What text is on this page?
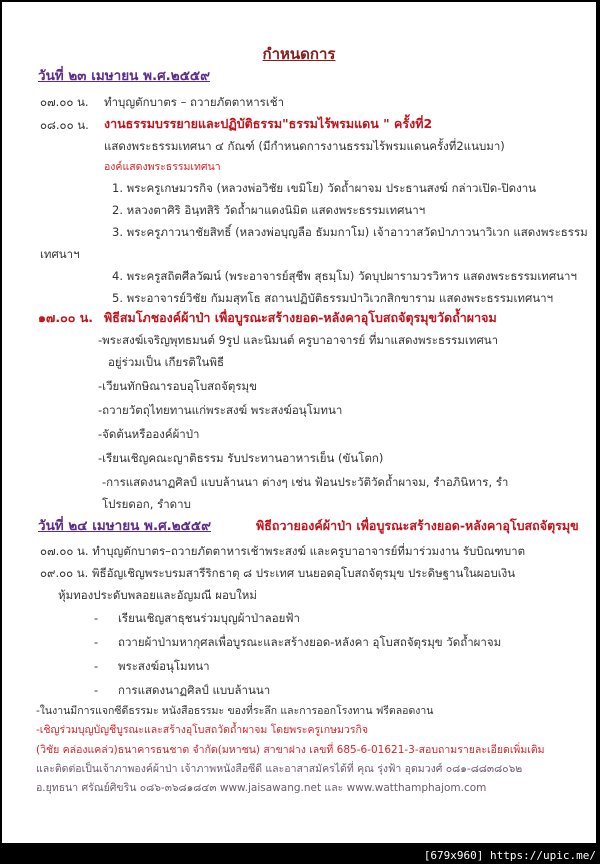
กำหนดการ
วันที่ ๒๓ เมษายน พ.ศ.๒๕๕๙
๐๗.๐๐ น. ทำบุญตักบาตร – ถวายภัตตาหารเช้า
๐๘.๐๐ น. งานธรรมบรรยายและปฏิบัติธรรม"ธรรมไร้พรมแดน " ครั้งที่2
แสดงพระธรรมเทศนา ๔ กัณฑ์ (มีกำหนดการงานธรรมไร้พรมแดนครั้งที่2แนบมา)
องค์แสดงพระธรรมเทศนา
1. พระครูเกษมวรกิจ (หลวงพ่อวิชัย เขมิโย) วัดถ้ำผาจม ประธานสงฆ์ กล่าวเปิด-ปิดงาน
2. หลวงตาศิริ อินฺทสิริ วัดถ้ำผาแดงนิมิต แสดงพระธรรมเทศนาฯ
3. พระครูภาวนาชัยสิทธิ์ (หลวงพ่อบุญลือ ธัมมกาโม) เจ้าอาวาสวัดป่าภาวนาวิเวก แสดงพระธรรม
เทศนาฯ
4. พระครูสถิตศีลวัฒน์ (พระอาจารย์สุชีพ สุธมฺโม) วัดบุปผารามวรวิหาร แสดงพระธรรมเทศนาฯ
5. พระอาจารย์วิชัย กัมมสุทโธ สถานปฏิบัติธรรมป่าวิเวกสิกขาราม แสดงพระธรรมเทศนาฯ
๑๗.๐๐ น. พิธีสมโภชองค์ผ้าป่า เพื่อบูรณะสร้างยอด-หลังคาอุโบสถจัตุรมุขวัดถ้ำผาจม
-พระสงฆ์เจริญพุทธมนต์ 9รูป และนิมนต์ ครูบาอาจารย์ ที่มาแสดงพระธรรมเทศนา
อยู่ร่วมเป็น เกียรติในพิธี
-เวียนทักษิณารอบอุโบสถจัตุรมุข
-ถวายวัตถุไทยทานแก่พระสงฆ์ พระสงฆ์อนุโมทนา
-จัดต้นหรือองค์ผ้าป่า
-เรียนเชิญคณะญาติธรรม รับประทานอาหารเย็น (ขันโตก)
-การแสดงนาฏศิลป์ แบบล้านนา ต่างๆ เช่น ฟ้อนประวัติวัดถ้ำผาจม, รำอภินิหาร, รำ
โปรยดอก, รำดาบ
วันที่ ๒๔ เมษายน พ.ศ.๒๕๕๙	พิธีถวายองค์ผ้าป่า เพื่อบูรณะสร้างยอด-หลังคาอุโบสถจัตุรมุข
๐๗.๐๐ น. ทำบุญตักบาตร–ถวายภัตตาหารเช้าพระสงฆ์ และครูบาอาจารย์ที่มาร่วมงาน รับบิณฑบาต
๐๙.๐๐ น. พิธีอัญเชิญพระบรมสารีริกธาตุ ๘ ประเทศ บนยอดอุโบสถจัตุรมุข ประดิษฐานในผอบเงิน
หุ้มทองประดับพลอยและอัญมณี ผอบใหม่
- เรียนเชิญสาธุชนร่วมบุญผ้าป่าลอยฟ้า
- ถวายผ้าป่ามหากุศลเพื่อบูรณะและสร้างยอด-หลังคา อุโบสถจัตุรมุข วัดถ้ำผาจม
- พระสงฆ์อนุโมทนา
- การแสดงนาฏศิลป์ แบบล้านนา
-ในงานมีการแจกซีดีธรรมะ หนังสือธรรมะ ของที่ระลึก และการออกโรงทาน ฟรีตลอดงาน
-เชิญร่วมบุญบัญชีบูรณะและสร้างอุโบสถวัดถ้ำผาจม โดยพระครูเกษมวรกิจ
(วิชัย คล่องแคล่ว)ธนาคารธนชาต จำกัด(มหาชน) สาขาฝาง เลขที่ 685-6-01621-3-สอบถามรายละเอียดเพิ่มเติม
และติดต่อเป็นเจ้าภาพองค์ผ้าป่า เจ้าภาพหนังสือซีดี และอาสาสมัครได้ที่ คุณ รุ่งฟ้า อุดมวงศ์ ๐๘๑-๘๘๓๘๐๖๒
อ.ยุทธนา ศรัณย์ศิขริน ๐๘๖-๓๖๘๑๘๔๓ www.jaisawang.net และ www.watthamphajom.com
[679x960] https://upic.me/
